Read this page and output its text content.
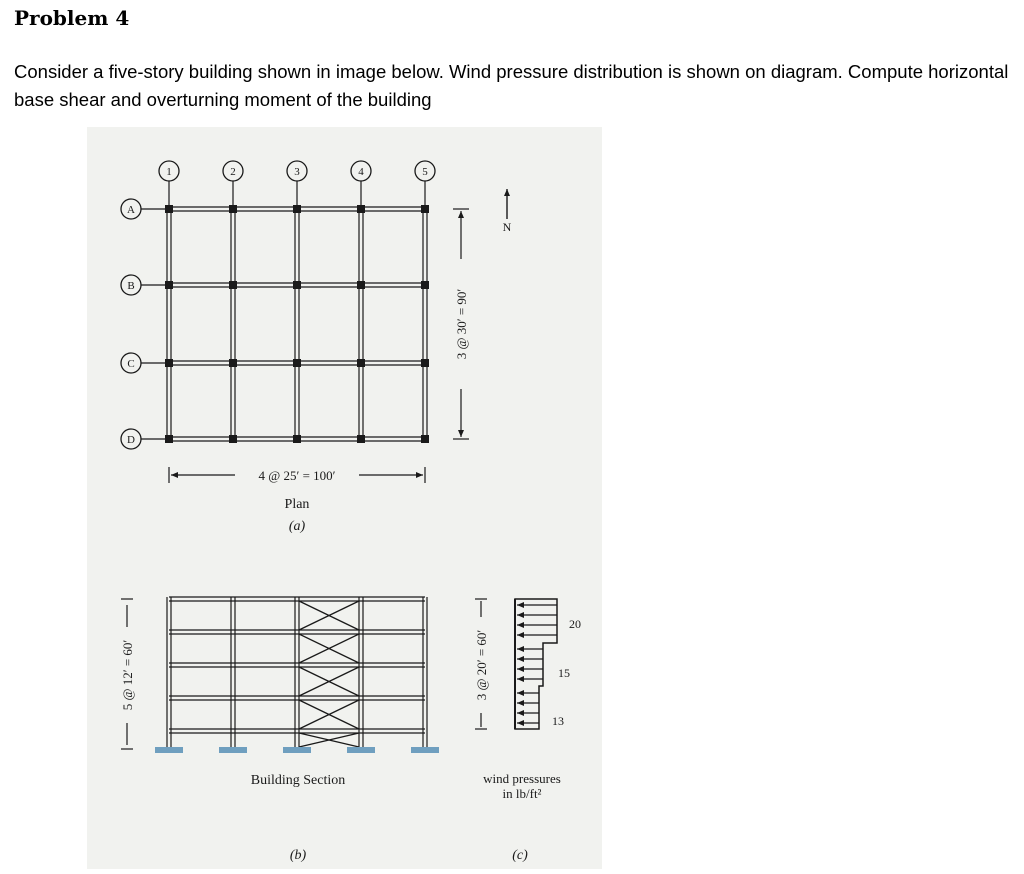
Problem 4
Consider a five-story building shown in image below. Wind pressure distribution is shown on diagram. Compute horizontal base shear and overturning moment of the building
1	2	3	4	5
A
B
C
D
4 @ 25′ = 100′
3 @ 30′ = 90′
N
Plan
(a)
5 @ 12′ = 60′
Building Section
(b)
3 @ 20′ = 60′
20
15
13
wind pressures
in lb/ft²
(c)
